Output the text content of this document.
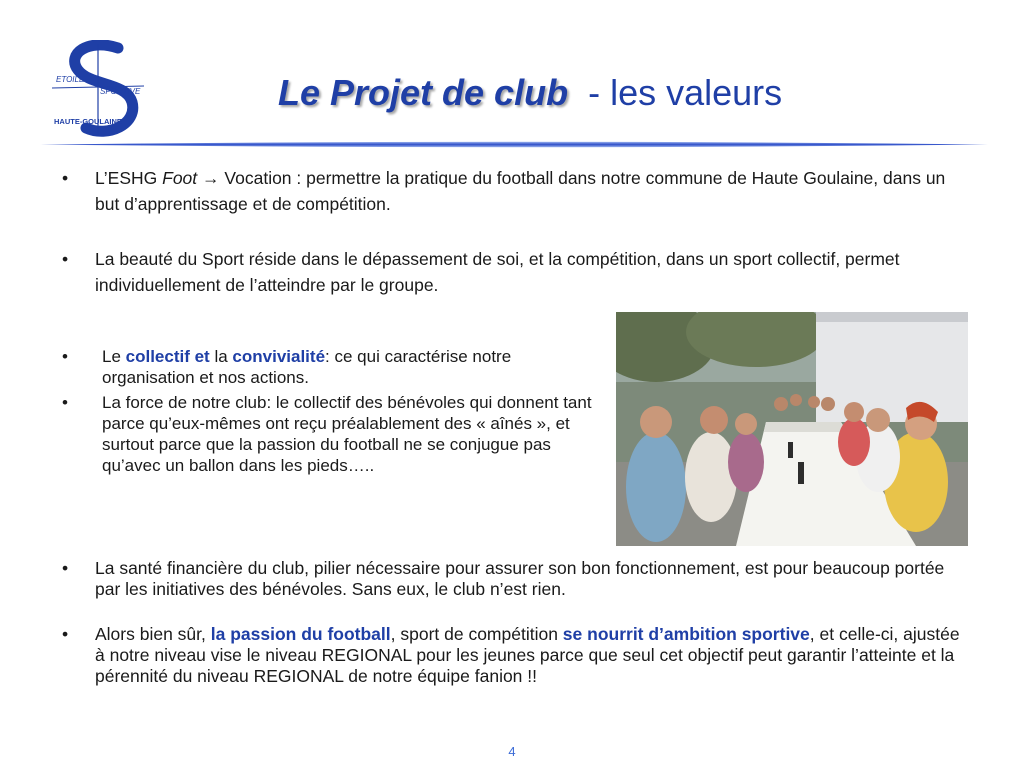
ETOILE
SPORTIVE
HAUTE-GOULAINE
Le Projet de club - les valeurs
•	L’ESHG Foot → Vocation : permettre la pratique du football dans notre commune de Haute Goulaine, dans un but d’apprentissage et de compétition.
•	La beauté du Sport réside dans le dépassement de soi, et la compétition, dans un sport collectif, permet individuellement de l’atteindre par le groupe.
•	Le collectif et la convivialité: ce qui caractérise notre organisation et nos actions.
•	La force de notre club: le collectif des bénévoles qui donnent tant parce qu’eux-mêmes ont reçu préalablement des « aînés », et surtout parce que la passion du football ne se conjugue pas qu’avec un ballon dans les pieds…..
•	La santé financière du club, pilier nécessaire pour assurer son bon fonctionnement, est pour beaucoup portée par les initiatives des bénévoles. Sans eux, le club n’est rien.
•	Alors bien sûr, la passion du football, sport de compétition se nourrit d’ambition sportive, et celle-ci, ajustée à notre niveau vise le niveau REGIONAL pour les jeunes parce que seul cet objectif peut garantir l’atteinte et la pérennité du niveau REGIONAL de notre équipe fanion !!
4
